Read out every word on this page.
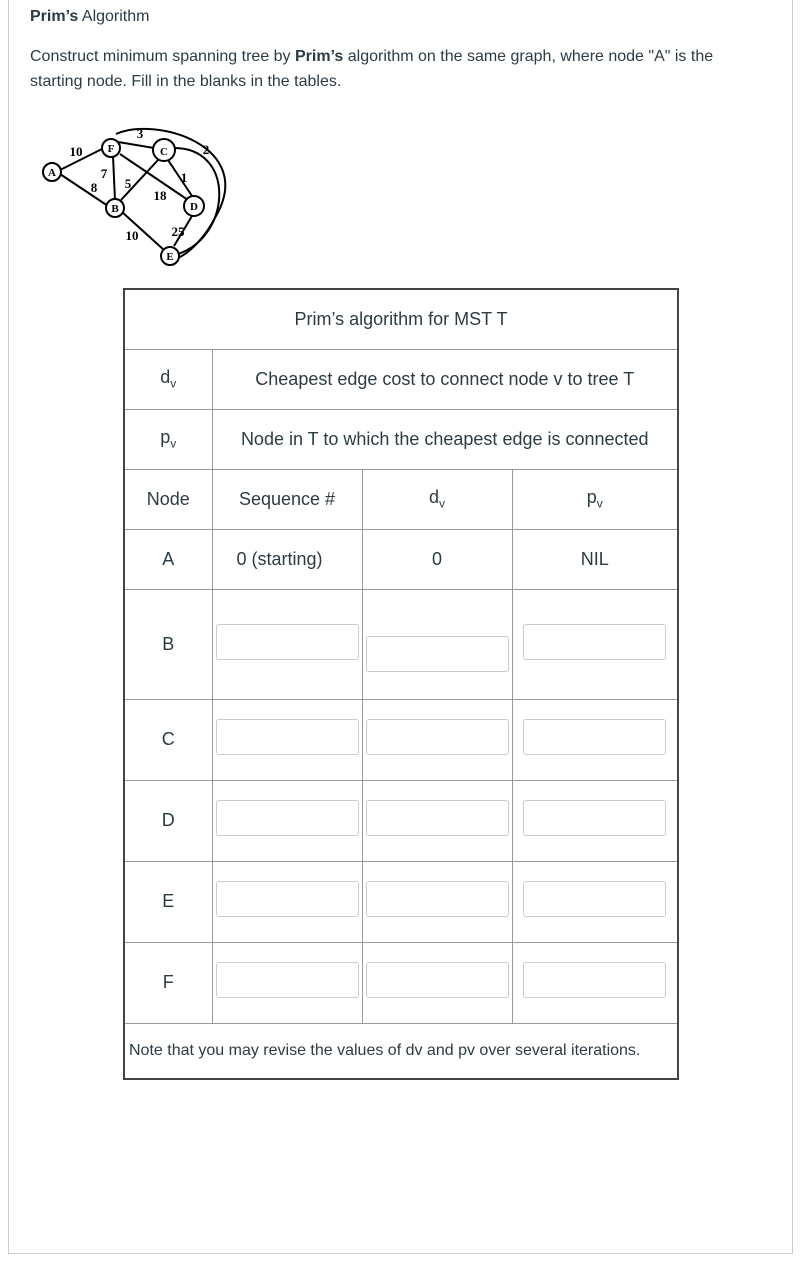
Prim’s Algorithm
Construct minimum spanning tree by Prim’s algorithm on the same graph, where node "A" is the starting node. Fill in the blanks in the tables.
A
F	C
B	D
E
10
3
2
7
8 5
18
1
10	25
Prim’s algorithm for MST T			
$d_v$	Cheapest edge cost to connect node v to tree T		
$p_v$	Node in T to which the cheapest edge is connected		
Node	Sequence #	$d_v$	$p_v$
A	0 (starting)	0	NIL
B			
C			
D			
E			
F			
Note that you may revise the values of dv and pv over several iterations.			
